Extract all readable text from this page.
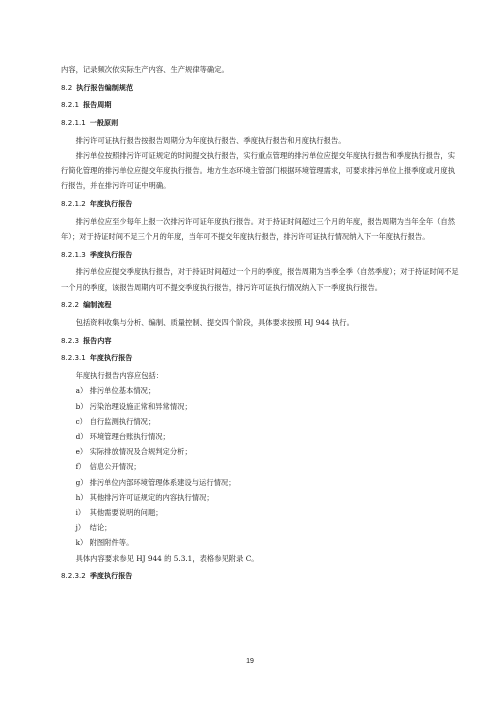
内容，记录频次依实际生产内容、生产规律等确定。

8.2 执行报告编制规范

8.2.1 报告周期

8.2.1.1 一般原则

排污许可证执行报告按报告周期分为年度执行报告、季度执行报告和月度执行报告。

排污单位按照排污许可证规定的时间提交执行报告，实行重点管理的排污单位应提交年度执行报告和季度执行报告，实行简化管理的排污单位应提交年度执行报告。地方生态环境主管部门根据环境管理需求，可要求排污单位上报季度或月度执行报告，并在排污许可证中明确。

8.2.1.2 年度执行报告

排污单位应至少每年上报一次排污许可证年度执行报告。对于持证时间超过三个月的年度，报告周期为当年全年（自然年）；对于持证时间不足三个月的年度，当年可不提交年度执行报告，排污许可证执行情况纳入下一年度执行报告。

8.2.1.3 季度执行报告

排污单位应提交季度执行报告，对于持证时间超过一个月的季度，报告周期为当季全季（自然季度）；对于持证时间不足一个月的季度，该报告周期内可不提交季度执行报告，排污许可证执行情况纳入下一季度执行报告。

8.2.2 编制流程

包括资料收集与分析、编制、质量控制、提交四个阶段，具体要求按照 HJ 944 执行。

8.2.3 报告内容

8.2.3.1 年度执行报告

年度执行报告内容应包括：

a） 排污单位基本情况；

b） 污染治理设施正常和异常情况；

c） 自行监测执行情况；

d） 环境管理台账执行情况；

e） 实际排放情况及合规判定分析；

f） 信息公开情况；

g） 排污单位内部环境管理体系建设与运行情况；

h） 其他排污许可证规定的内容执行情况；

i） 其他需要说明的问题；

j） 结论；

k） 附图附件等。

具体内容要求参见 HJ 944 的 5.3.1，表格参见附录 C。

8.2.3.2 季度执行报告

19
